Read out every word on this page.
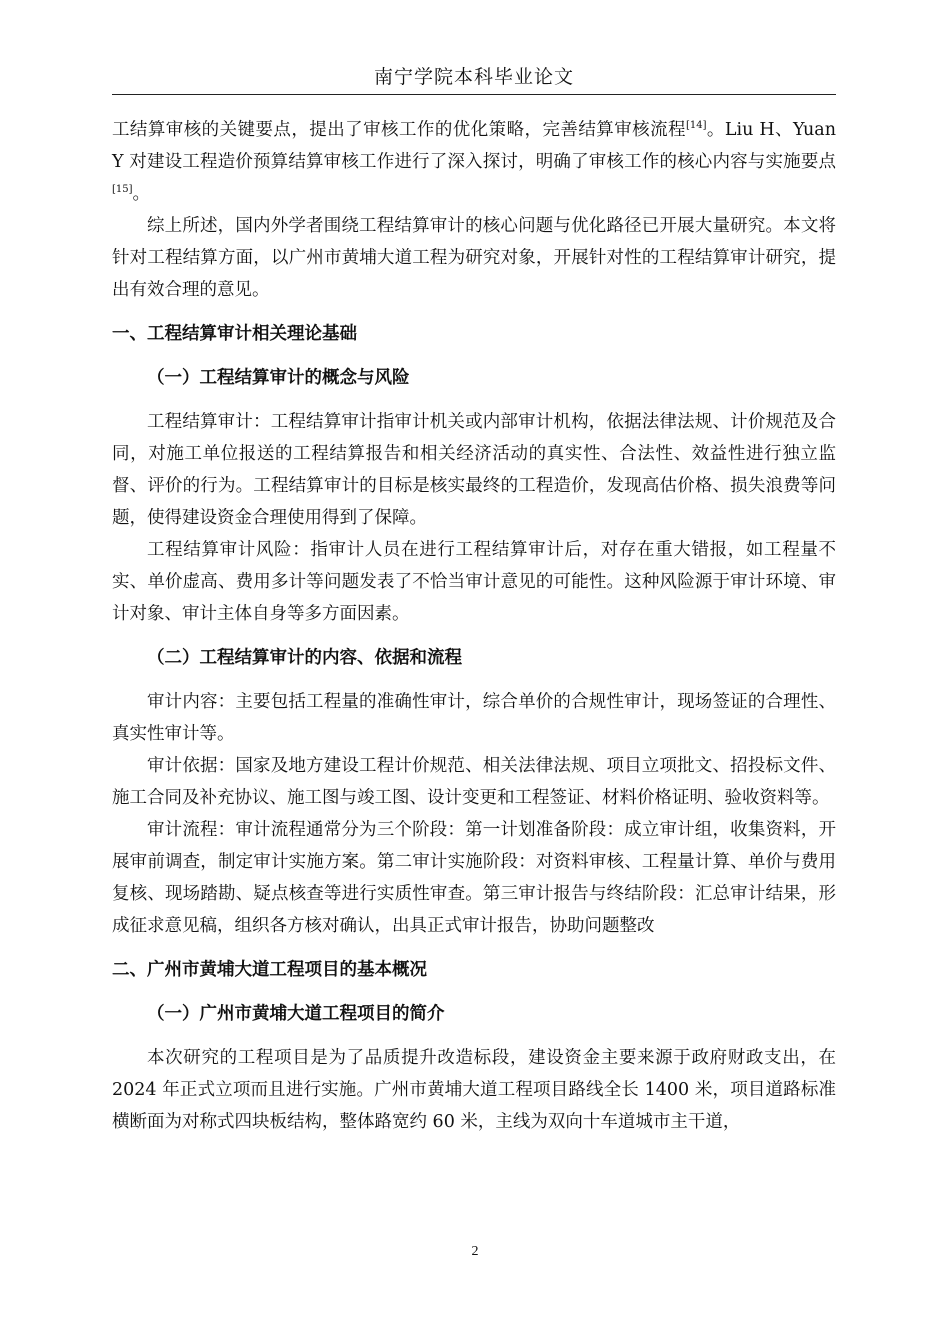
南宁学院本科毕业论文

工结算审核的关键要点，提出了审核工作的优化策略，完善结算审核流程[14]。Liu H、Yuan Y 对建设工程造价预算结算审核工作进行了深入探讨，明确了审核工作的核心内容与实施要点[15]。

综上所述，国内外学者围绕工程结算审计的核心问题与优化路径已开展大量研究。本文将针对工程结算方面，以广州市黄埔大道工程为研究对象，开展针对性的工程结算审计研究，提出有效合理的意见。

一、工程结算审计相关理论基础
（一）工程结算审计的概念与风险

工程结算审计：工程结算审计指审计机关或内部审计机构，依据法律法规、计价规范及合同，对施工单位报送的工程结算报告和相关经济活动的真实性、合法性、效益性进行独立监督、评价的行为。工程结算审计的目标是核实最终的工程造价，发现高估价格、损失浪费等问题，使得建设资金合理使用得到了保障。

工程结算审计风险：指审计人员在进行工程结算审计后，对存在重大错报，如工程量不实、单价虚高、费用多计等问题发表了不恰当审计意见的可能性。这种风险源于审计环境、审计对象、审计主体自身等多方面因素。

（二）工程结算审计的内容、依据和流程

审计内容：主要包括工程量的准确性审计，综合单价的合规性审计，现场签证的合理性、真实性审计等。

审计依据：国家及地方建设工程计价规范、相关法律法规、项目立项批文、招投标文件、施工合同及补充协议、施工图与竣工图、设计变更和工程签证、材料价格证明、验收资料等。

审计流程：审计流程通常分为三个阶段：第一计划准备阶段：成立审计组，收集资料，开展审前调查，制定审计实施方案。第二审计实施阶段：对资料审核、工程量计算、单价与费用复核、现场踏勘、疑点核查等进行实质性审查。第三审计报告与终结阶段：汇总审计结果，形成征求意见稿，组织各方核对确认，出具正式审计报告，协助问题整改

二、广州市黄埔大道工程项目的基本概况
（一）广州市黄埔大道工程项目的简介

本次研究的工程项目是为了品质提升改造标段，建设资金主要来源于政府财政支出，在 2024 年正式立项而且进行实施。广州市黄埔大道工程项目路线全长 1400 米，项目道路标准横断面为对称式四块板结构，整体路宽约 60 米，主线为双向十车道城市主干道，

2
